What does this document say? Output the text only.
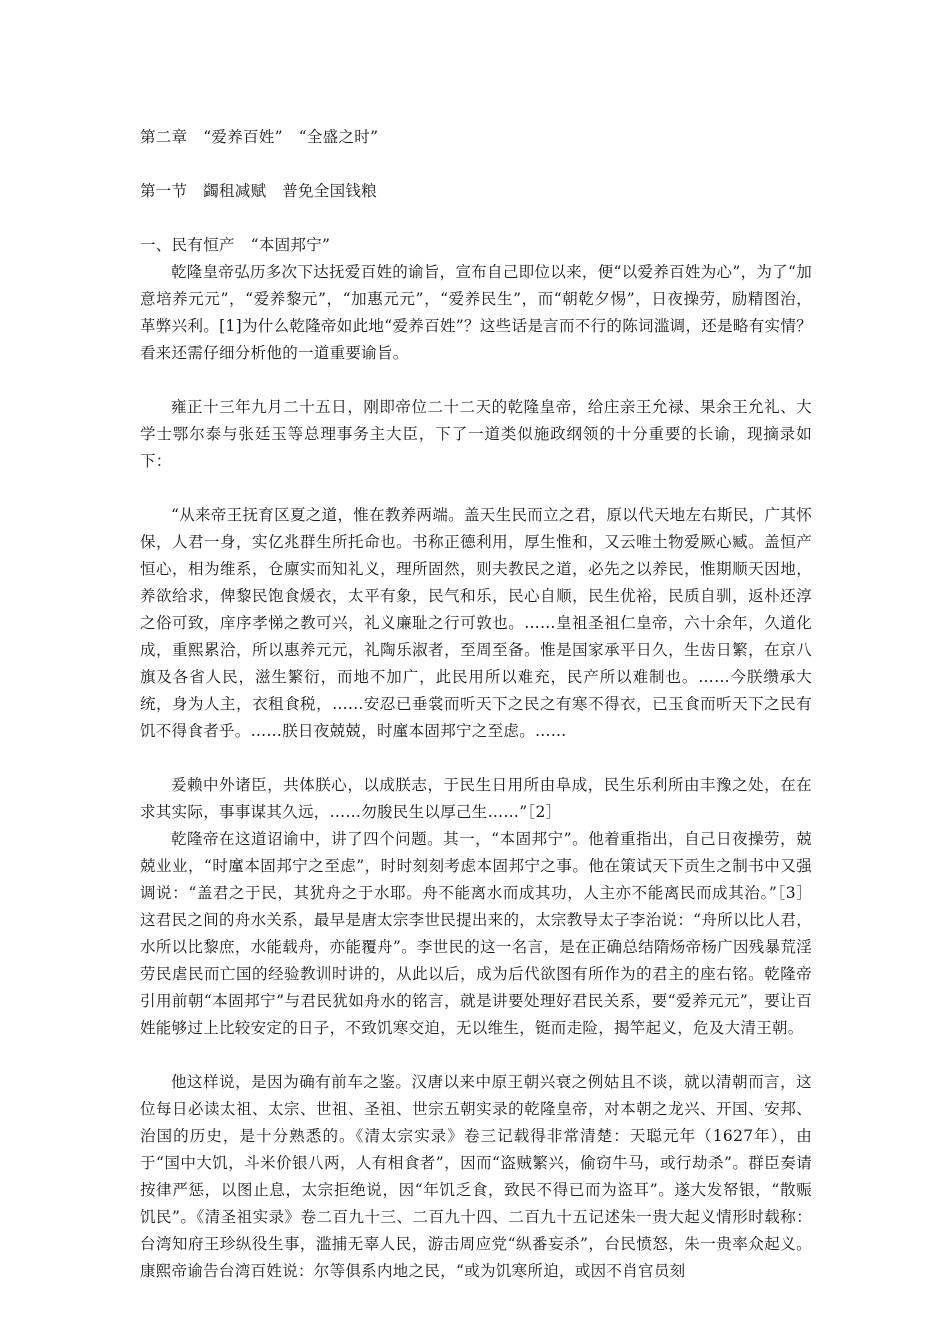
第二章　“爱养百姓”　“全盛之时”
第一节　蠲租减赋　普免全国钱粮
一、民有恒产　“本固邦宁”

乾隆皇帝弘历多次下达抚爱百姓的谕旨，宣布自己即位以来，便“以爱养百姓为心”，为了“加意培养元元”，“爱养黎元”，“加惠元元”，“爱养民生”，而“朝乾夕惕”，日夜操劳，励精图治，革弊兴利。[1]为什么乾隆帝如此地“爱养百姓”？这些话是言而不行的陈词滥调，还是略有实情？看来还需仔细分析他的一道重要谕旨。

雍正十三年九月二十五日，刚即帝位二十二天的乾隆皇帝，给庄亲王允禄、果余王允礼、大学士鄂尔泰与张廷玉等总理事务主大臣，下了一道类似施政纲领的十分重要的长谕，现摘录如下：

“从来帝王抚育区夏之道，惟在教养两端。盖天生民而立之君，原以代天地左右斯民，广其怀保，人君一身，实亿兆群生所托命也。书称正德利用，厚生惟和，又云唯土物爱厥心臧。盖恒产恒心，相为维系，仓廪实而知礼义，理所固然，则夫教民之道，必先之以养民，惟期顺天因地，养欲给求，俾黎民饱食煖衣，太平有象，民气和乐，民心自顺，民生优裕，民质自驯，返朴还淳之俗可致，庠序孝悌之教可兴，礼义廉耻之行可敦也。……皇祖圣祖仁皇帝，六十余年，久道化成，重熙累洽，所以惠养元元，礼陶乐淑者，至周至备。惟是国家承平日久，生齿日繁，在京八旗及各省人民，滋生繁衍，而地不加广，此民用所以难充，民产所以难制也。……今朕缵承大统，身为人主，衣租食税，……安忍已垂裳而听天下之民之有寒不得衣，已玉食而听天下之民有饥不得食者乎。……朕日夜兢兢，时廑本固邦宁之至虑。……

爰赖中外诸臣，共体朕心，以成朕志，于民生日用所由阜成，民生乐利所由丰豫之处，在在求其实际，事事谋其久远，……勿朘民生以厚己生……”［2］

乾隆帝在这道诏谕中，讲了四个问题。其一，“本固邦宁”。他着重指出，自己日夜操劳，兢兢业业，“时廑本固邦宁之至虑”，时时刻刻考虑本固邦宁之事。他在策试天下贡生之制书中又强调说：“盖君之于民，其犹舟之于水耶。舟不能离水而成其功，人主亦不能离民而成其治。”［3］这君民之间的舟水关系，最早是唐太宗李世民提出来的，太宗教导太子李治说：“舟所以比人君，水所以比黎庶，水能载舟，亦能覆舟”。李世民的这一名言，是在正确总结隋炀帝杨广因残暴荒淫劳民虐民而亡国的经验教训时讲的，从此以后，成为后代欲图有所作为的君主的座右铭。乾隆帝引用前朝“本固邦宁”与君民犹如舟水的铭言，就是讲要处理好君民关系，要“爱养元元”，要让百姓能够过上比较安定的日子，不致饥寒交迫，无以维生，铤而走险，揭竿起义，危及大清王朝。

他这样说，是因为确有前车之鉴。汉唐以来中原王朝兴衰之例姑且不谈，就以清朝而言，这位每日必读太祖、太宗、世祖、圣祖、世宗五朝实录的乾隆皇帝，对本朝之龙兴、开国、安邦、治国的历史，是十分熟悉的。《清太宗实录》卷三记载得非常清楚：天聪元年（1627年），由于“国中大饥，斗米价银八两，人有相食者”，因而“盗贼繁兴，偷窃牛马，或行劫杀”。群臣奏请按律严惩，以图止息，太宗拒绝说，因“年饥乏食，致民不得已而为盗耳”。遂大发帑银，“散赈饥民”。《清圣祖实录》卷二百九十三、二百九十四、二百九十五记述朱一贵大起义情形时载称：台湾知府王珍纵役生事，滥捕无辜人民，游击周应党“纵番妄杀”，台民愤怒，朱一贵率众起义。康熙帝谕告台湾百姓说：尔等俱系内地之民，“或为饥寒所迫，或因不肖官员刻
